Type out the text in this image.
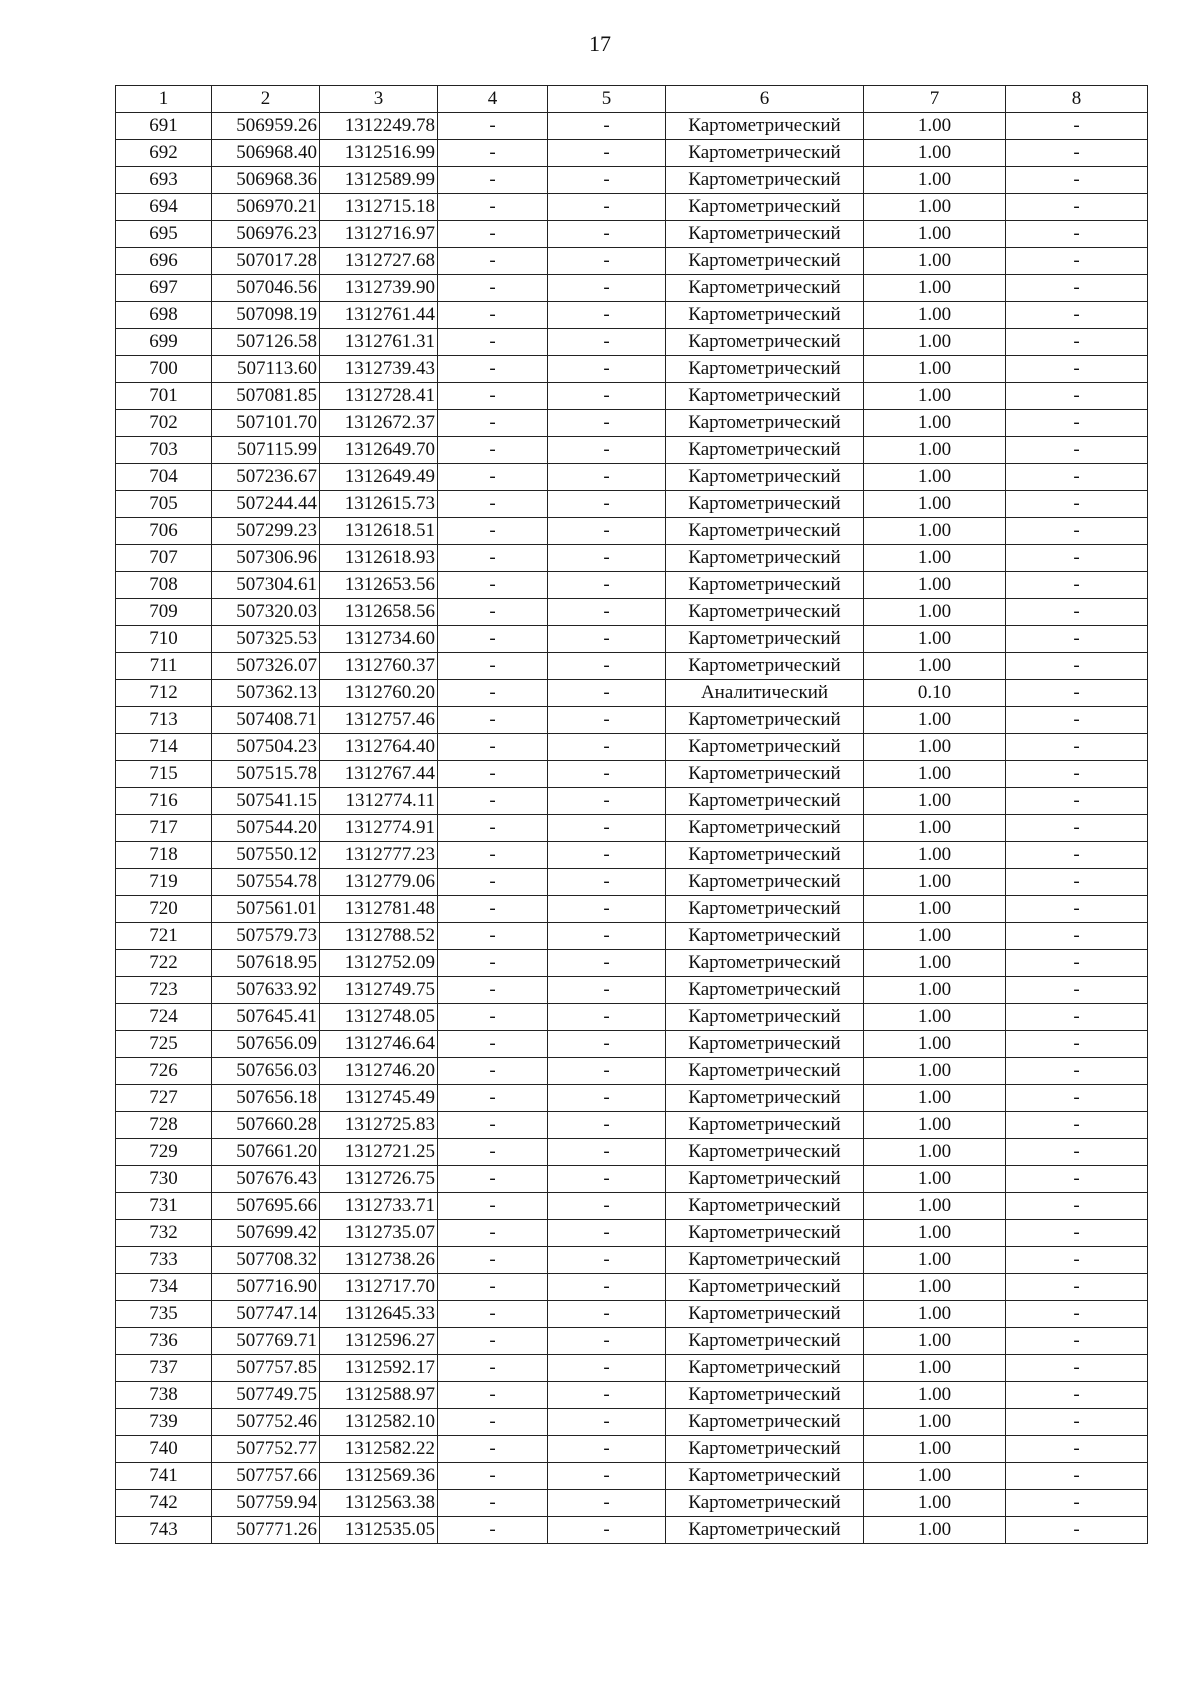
17
1	2	3	4	5	6	7	8
691	506959.26	1312249.78	-	-	Картометрический	1.00	-
692	506968.40	1312516.99	-	-	Картометрический	1.00	-
693	506968.36	1312589.99	-	-	Картометрический	1.00	-
694	506970.21	1312715.18	-	-	Картометрический	1.00	-
695	506976.23	1312716.97	-	-	Картометрический	1.00	-
696	507017.28	1312727.68	-	-	Картометрический	1.00	-
697	507046.56	1312739.90	-	-	Картометрический	1.00	-
698	507098.19	1312761.44	-	-	Картометрический	1.00	-
699	507126.58	1312761.31	-	-	Картометрический	1.00	-
700	507113.60	1312739.43	-	-	Картометрический	1.00	-
701	507081.85	1312728.41	-	-	Картометрический	1.00	-
702	507101.70	1312672.37	-	-	Картометрический	1.00	-
703	507115.99	1312649.70	-	-	Картометрический	1.00	-
704	507236.67	1312649.49	-	-	Картометрический	1.00	-
705	507244.44	1312615.73	-	-	Картометрический	1.00	-
706	507299.23	1312618.51	-	-	Картометрический	1.00	-
707	507306.96	1312618.93	-	-	Картометрический	1.00	-
708	507304.61	1312653.56	-	-	Картометрический	1.00	-
709	507320.03	1312658.56	-	-	Картометрический	1.00	-
710	507325.53	1312734.60	-	-	Картометрический	1.00	-
711	507326.07	1312760.37	-	-	Картометрический	1.00	-
712	507362.13	1312760.20	-	-	Аналитический	0.10	-
713	507408.71	1312757.46	-	-	Картометрический	1.00	-
714	507504.23	1312764.40	-	-	Картометрический	1.00	-
715	507515.78	1312767.44	-	-	Картометрический	1.00	-
716	507541.15	1312774.11	-	-	Картометрический	1.00	-
717	507544.20	1312774.91	-	-	Картометрический	1.00	-
718	507550.12	1312777.23	-	-	Картометрический	1.00	-
719	507554.78	1312779.06	-	-	Картометрический	1.00	-
720	507561.01	1312781.48	-	-	Картометрический	1.00	-
721	507579.73	1312788.52	-	-	Картометрический	1.00	-
722	507618.95	1312752.09	-	-	Картометрический	1.00	-
723	507633.92	1312749.75	-	-	Картометрический	1.00	-
724	507645.41	1312748.05	-	-	Картометрический	1.00	-
725	507656.09	1312746.64	-	-	Картометрический	1.00	-
726	507656.03	1312746.20	-	-	Картометрический	1.00	-
727	507656.18	1312745.49	-	-	Картометрический	1.00	-
728	507660.28	1312725.83	-	-	Картометрический	1.00	-
729	507661.20	1312721.25	-	-	Картометрический	1.00	-
730	507676.43	1312726.75	-	-	Картометрический	1.00	-
731	507695.66	1312733.71	-	-	Картометрический	1.00	-
732	507699.42	1312735.07	-	-	Картометрический	1.00	-
733	507708.32	1312738.26	-	-	Картометрический	1.00	-
734	507716.90	1312717.70	-	-	Картометрический	1.00	-
735	507747.14	1312645.33	-	-	Картометрический	1.00	-
736	507769.71	1312596.27	-	-	Картометрический	1.00	-
737	507757.85	1312592.17	-	-	Картометрический	1.00	-
738	507749.75	1312588.97	-	-	Картометрический	1.00	-
739	507752.46	1312582.10	-	-	Картометрический	1.00	-
740	507752.77	1312582.22	-	-	Картометрический	1.00	-
741	507757.66	1312569.36	-	-	Картометрический	1.00	-
742	507759.94	1312563.38	-	-	Картометрический	1.00	-
743	507771.26	1312535.05	-	-	Картометрический	1.00	-
